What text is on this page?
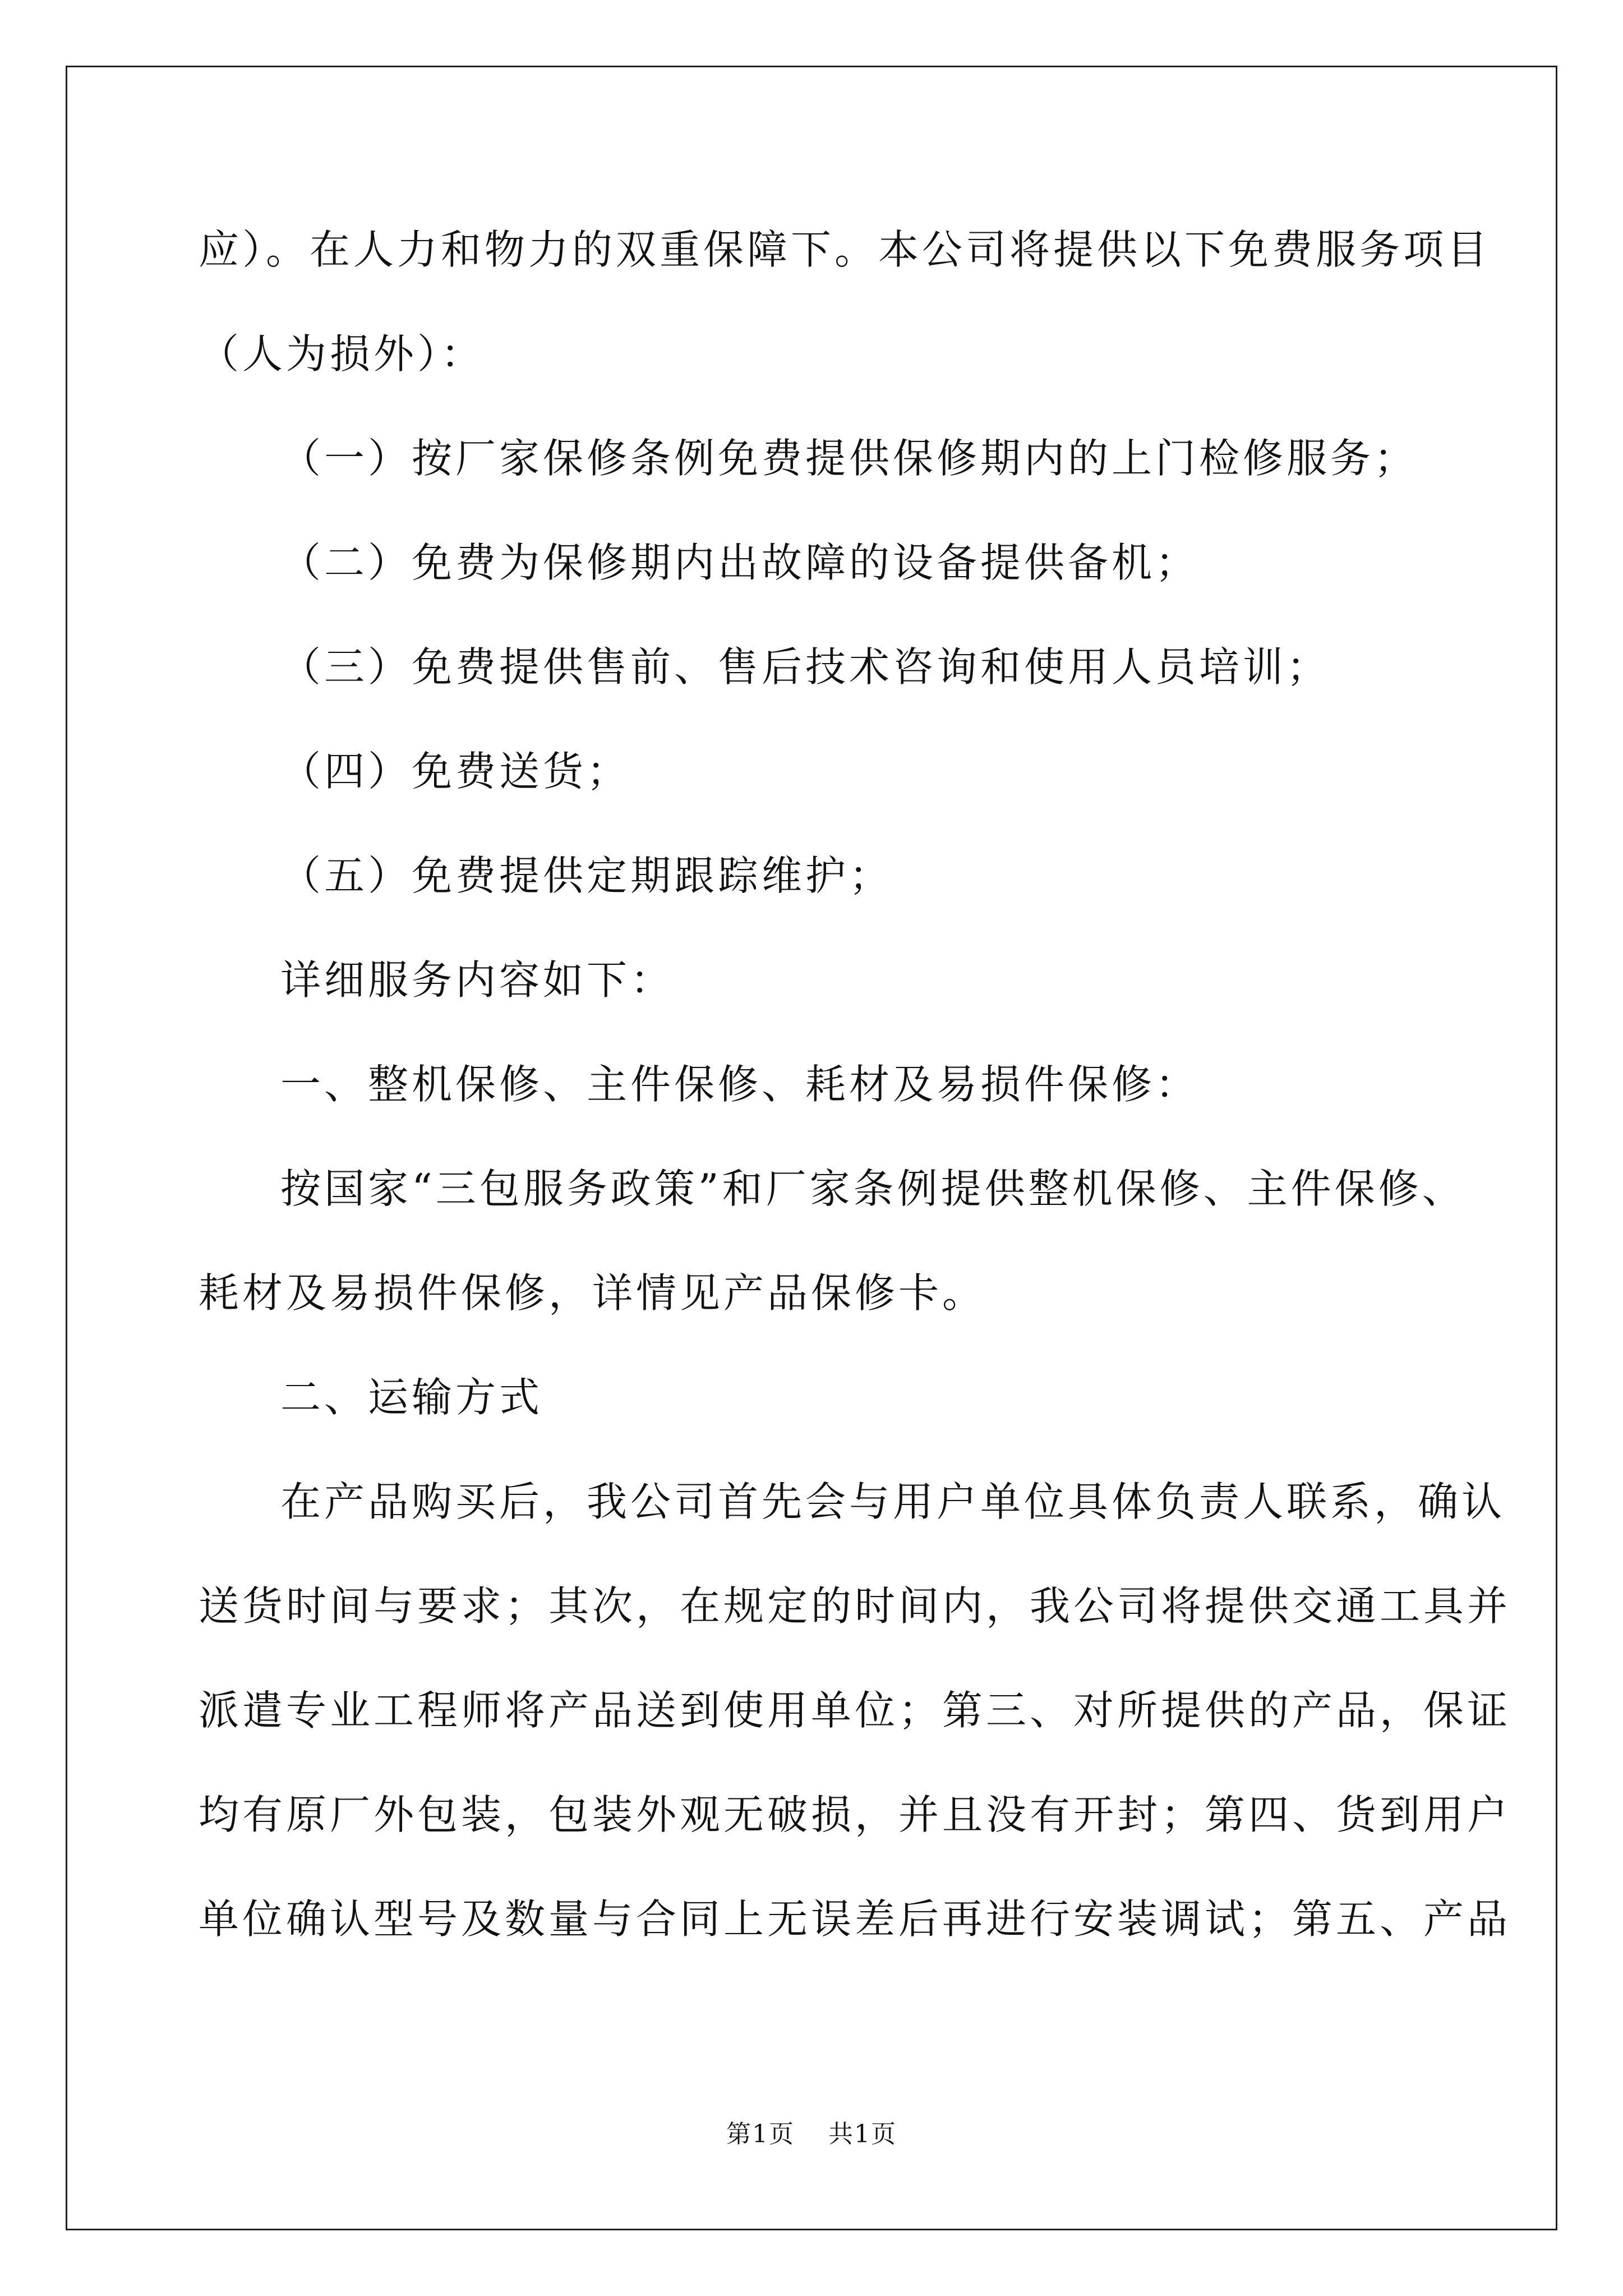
应）。在人力和物力的双重保障下。本公司将提供以下免费服务项目
（人为损外）：
（一）按厂家保修条例免费提供保修期内的上门检修服务；
（二）免费为保修期内出故障的设备提供备机；
（三）免费提供售前、售后技术咨询和使用人员培训；
（四）免费送货；
（五）免费提供定期跟踪维护；
详细服务内容如下：
一、整机保修、主件保修、耗材及易损件保修：
按国家“三包服务政策”和厂家条例提供整机保修、主件保修、
耗材及易损件保修，详情见产品保修卡。
二、运输方式
在产品购买后，我公司首先会与用户单位具体负责人联系，确认
送货时间与要求；其次，在规定的时间内，我公司将提供交通工具并
派遣专业工程师将产品送到使用单位；第三、对所提供的产品，保证
均有原厂外包装，包装外观无破损，并且没有开封；第四、货到用户
单位确认型号及数量与合同上无误差后再进行安装调试；第五、产品
第1页 共1页
